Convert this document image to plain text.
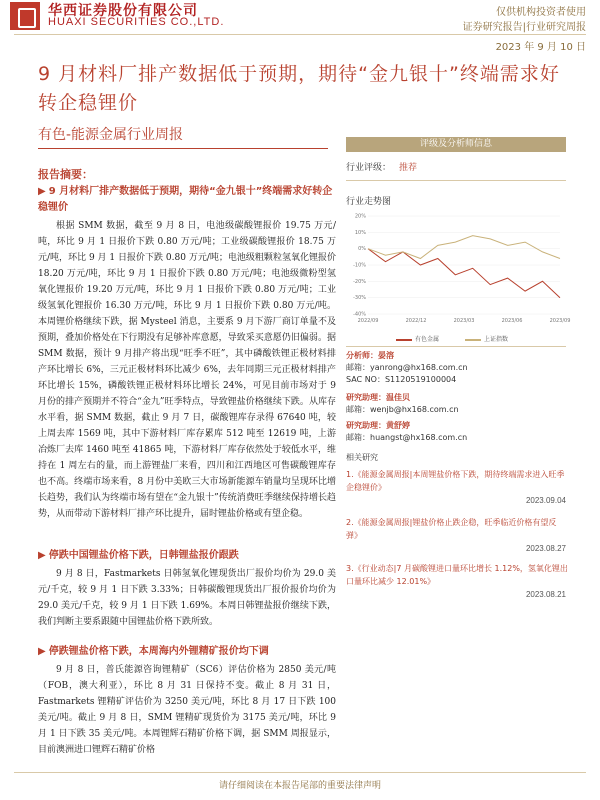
华西证券股份有限公司
HUAXI SECURITIES CO.,LTD.
仅供机构投资者使用
证券研究报告|行业研究周报
2023 年 9 月 10 日
9 月材料厂排产数据低于预期，期待“金九银十”终端需求好转企稳锂价
有色-能源金属行业周报
报告摘要：
▶ 9 月材料厂排产数据低于预期，期待“金九银十”终端需求好转企稳锂价
根据 SMM 数据，截至 9 月 8 日，电池级碳酸锂报价 19.75 万元/吨，环比 9 月 1 日报价下跌 0.80 万元/吨；工业级碳酸锂报价 18.75 万元/吨，环比 9 月 1 日报价下跌 0.80 万元/吨；电池级粗颗粒氢氧化锂报价 18.20 万元/吨，环比 9 月 1 日报价下跌 0.80 万元/吨；电池级微粉型氢氧化锂报价 19.20 万元/吨，环比 9 月 1 日报价下跌 0.80 万元/吨；工业级氢氧化锂报价 16.30 万元/吨，环比 9 月 1 日报价下跌 0.80 万元/吨。本周锂价格继续下跌，据 Mysteel 消息，主要系 9 月下游厂商订单量不及预期，叠加价格处在下行期没有足够补库意愿，导致采买意愿仍旧偏弱。据 SMM 数据，预计 9 月排产将出现“旺季不旺”，其中磷酸铁锂正极材料排产环比增长 6%，三元正极材料环比减少 6%，去年同期三元正极材料排产环比增长 15%，磷酸铁锂正极材料环比增长 24%，可见目前市场对于 9 月份的排产预期并不符合“金九”旺季特点，导致锂盐价格继续下跌。从库存水平看，据 SMM 数据，截止 9 月 7 日，碳酸锂库存录得 67640 吨，较上周去库 1569 吨，其中下游材料厂库存累库 512 吨至 12619 吨，上游冶炼厂去库 1460 吨至 41865 吨，下游材料厂库存依然处于较低水平，维持在 1 周左右的量，而上游锂盐厂来看，四川和江西地区可售碳酸锂库存也不高。终端市场来看，8 月份中美欧三大市场新能源车销量均呈现环比增长趋势，我们认为终端市场有望在“金九银十”传统消费旺季继续保持增长趋势，从而带动下游材料厂排产环比提升，届时锂盐价格或有望企稳。
▶ 停跌中国锂盐价格下跌，日韩锂盐报价跟跌
9 月 8 日，Fastmarkets 日韩氢氧化锂现货出厂报价均价为 29.0 美元/千克，较 9 月 1 日下跌 3.33%；日韩碳酸锂现货出厂报价报价均价为 29.0 美元/千克，较 9 月 1 日下跌 1.69%。本周日韩锂盐报价继续下跌，我们判断主要系跟随中国锂盐价格下跌所致。
▶ 停跌锂盐价格下跌，本周海内外锂精矿报价均下调
9 月 8 日，普氏能源咨询锂精矿（SC6）评估价格为 2850 美元/吨（FOB，澳大利亚），环比 8 月 31 日保持不变。截止 8 月 31 日，Fastmarkets 锂精矿评估价为 3250 美元/吨，环比 8 月 17 日下跌 100 美元/吨。截止 9 月 8 日，SMM 锂精矿现货价为 3175 美元/吨，环比 9 月 1 日下跌 35 美元/吨。本周锂辉石精矿价格下调，据 SMM 周报显示，目前澳洲进口锂辉石精矿价格
评级及分析师信息
行业评级： 推荐
行业走势图
20%
10%
0%
-10%
-20%
-30%
-40%
2022/09	2022/12	2023/03	2023/06	2023/09
有色金属	上证指数
分析师：晏溶
邮箱：yanrong@hx168.com.cn
SAC NO：S1120519100004
研究助理：温佳贝
邮箱：wenjb@hx168.com.cn
研究助理：黄舒婷
邮箱：huangst@hx168.com.cn
相关研究
1.《能源金属周报|本周锂盐价格下跌，期待终端需求进入旺季企稳锂价》
2023.09.04
2.《能源金属周报|锂盐价格止跌企稳，旺季临近价格有望反弹》
2023.08.27
3.《行业动态|7 月碳酸锂进口量环比增长 1.12%，氢氧化锂出口量环比减少 12.01%》
2023.08.21
请仔细阅读在本报告尾部的重要法律声明
